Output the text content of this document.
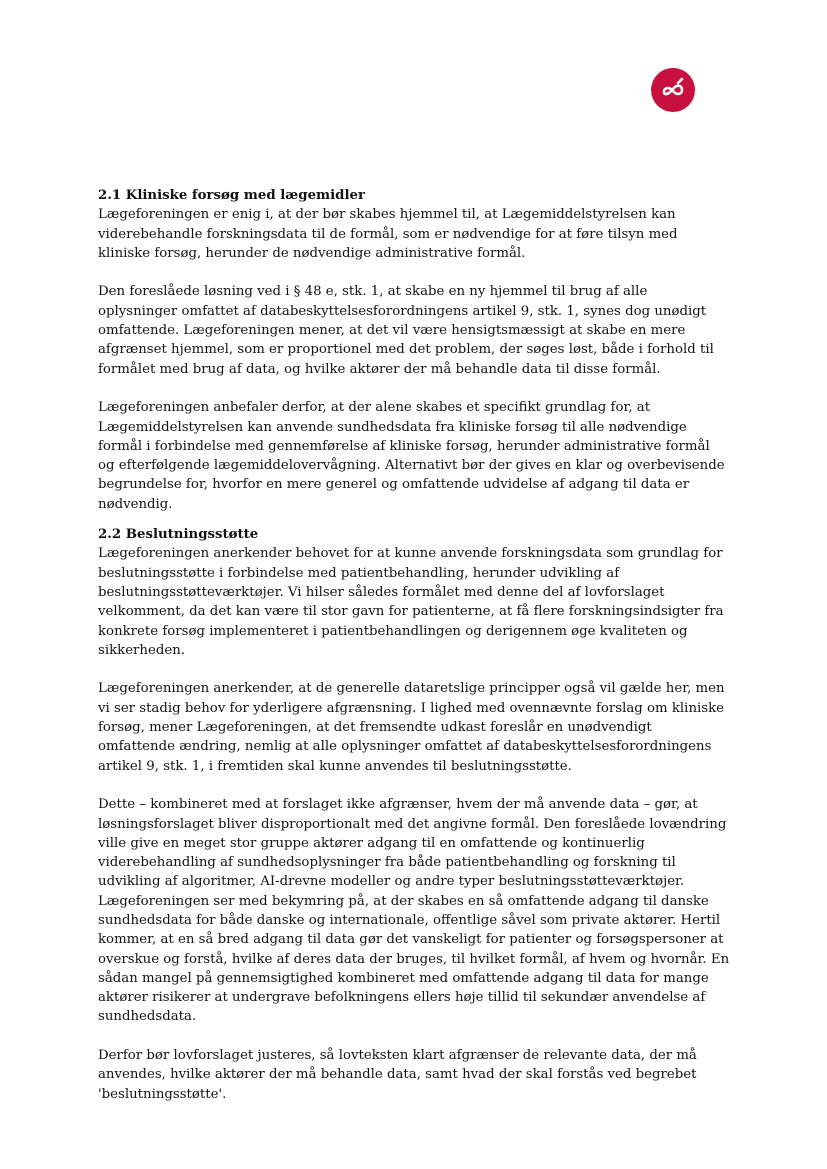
2.1 Kliniske forsøg med lægemidler

Lægeforeningen er enig i, at der bør skabes hjemmel til, at Lægemiddelstyrelsen kan viderebehandle forskningsdata til de formål, som er nødvendige for at føre tilsyn med kliniske forsøg, herunder de nødvendige administrative formål.

Den foreslåede løsning ved i § 48 e, stk. 1, at skabe en ny hjemmel til brug af alle oplysninger omfattet af databeskyttelsesforordningens artikel 9, stk. 1, synes dog unødigt omfattende. Lægeforeningen mener, at det vil være hensigtsmæssigt at skabe en mere afgrænset hjemmel, som er proportionel med det problem, der søges løst, både i forhold til formålet med brug af data, og hvilke aktører der må behandle data til disse formål.

Lægeforeningen anbefaler derfor, at der alene skabes et specifikt grundlag for, at Lægemiddelstyrelsen kan anvende sundhedsdata fra kliniske forsøg til alle nødvendige formål i forbindelse med gennemførelse af kliniske forsøg, herunder administrative formål og efterfølgende lægemiddelovervågning. Alternativt bør der gives en klar og overbevisende begrundelse for, hvorfor en mere generel og omfattende udvidelse af adgang til data er nødvendig.

2.2 Beslutningsstøtte

Lægeforeningen anerkender behovet for at kunne anvende forskningsdata som grundlag for beslutningsstøtte i forbindelse med patientbehandling, herunder udvikling af beslutningsstøtteværktøjer. Vi hilser således formålet med denne del af lovforslaget velkomment, da det kan være til stor gavn for patienterne, at få flere forskningsindsigter fra konkrete forsøg implementeret i patientbehandlingen og derigennem øge kvaliteten og sikkerheden.

Lægeforeningen anerkender, at de generelle dataretslige principper også vil gælde her, men vi ser stadig behov for yderligere afgrænsning. I lighed med ovennævnte forslag om kliniske forsøg, mener Lægeforeningen, at det fremsendte udkast foreslår en unødvendigt omfattende ændring, nemlig at alle oplysninger omfattet af databeskyttelsesforordningens artikel 9, stk. 1, i fremtiden skal kunne anvendes til beslutningsstøtte.

Dette – kombineret med at forslaget ikke afgrænser, hvem der må anvende data – gør, at løsningsforslaget bliver disproportionalt med det angivne formål. Den foreslåede lovændring ville give en meget stor gruppe aktører adgang til en omfattende og kontinuerlig viderebehandling af sundhedsoplysninger fra både patientbehandling og forskning til udvikling af algoritmer, AI-drevne modeller og andre typer beslutningsstøtteværktøjer. Lægeforeningen ser med bekymring på, at der skabes en så omfattende adgang til danske sundhedsdata for både danske og internationale, offentlige såvel som private aktører. Hertil kommer, at en så bred adgang til data gør det vanskeligt for patienter og forsøgspersoner at overskue og forstå, hvilke af deres data der bruges, til hvilket formål, af hvem og hvornår. En sådan mangel på gennemsigtighed kombineret med omfattende adgang til data for mange aktører risikerer at undergrave befolkningens ellers høje tillid til sekundær anvendelse af sundhedsdata.

Derfor bør lovforslaget justeres, så lovteksten klart afgrænser de relevante data, der må anvendes, hvilke aktører der må behandle data, samt hvad der skal forstås ved begrebet 'beslutningsstøtte'.
